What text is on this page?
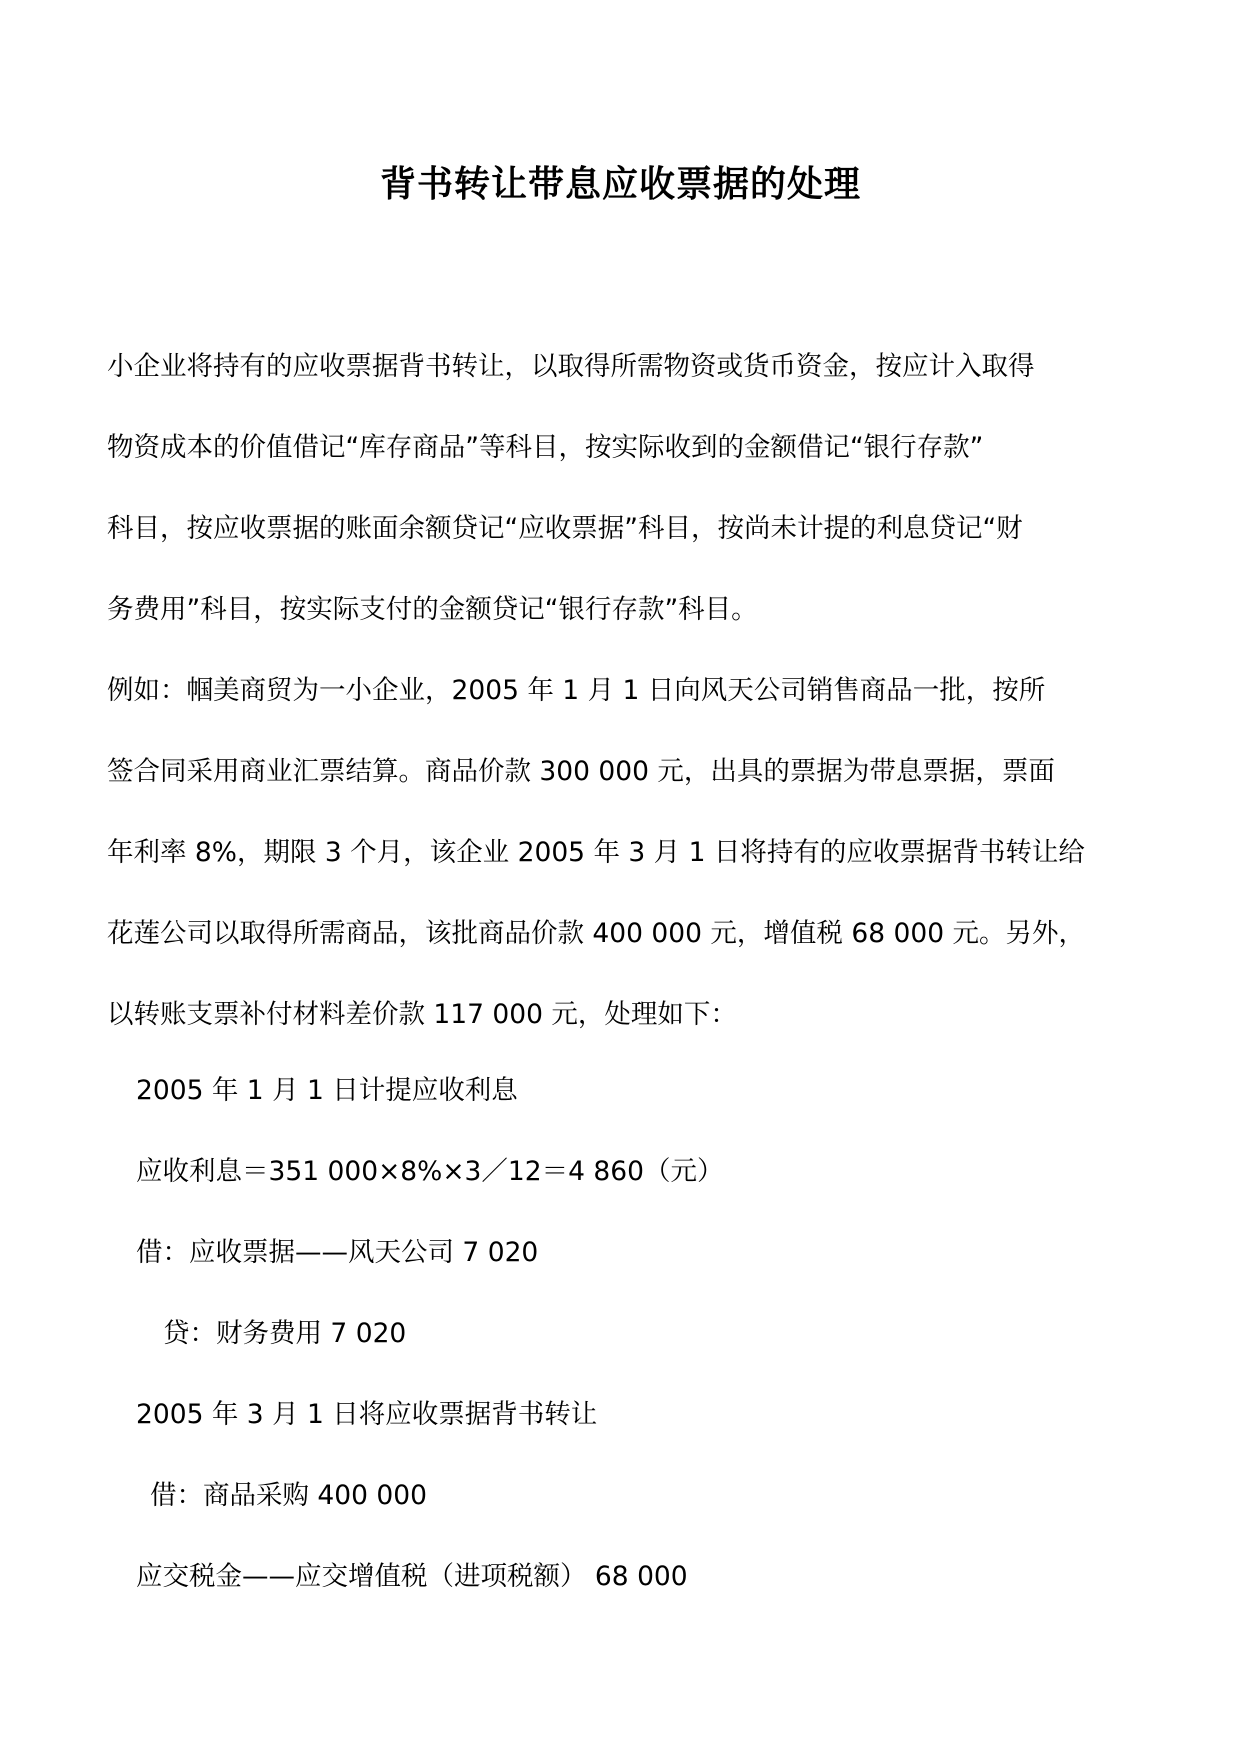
背书转让带息应收票据的处理
小企业将持有的应收票据背书转让，以取得所需物资或货币资金，按应计入取得
物资成本的价值借记“库存商品”等科目，按实际收到的金额借记“银行存款”
科目，按应收票据的账面余额贷记“应收票据”科目，按尚未计提的利息贷记“财
务费用”科目，按实际支付的金额贷记“银行存款”科目。
例如：帼美商贸为一小企业，2005 年 1 月 1 日向风天公司销售商品一批，按所
签合同采用商业汇票结算。商品价款 300 000 元，出具的票据为带息票据，票面
年利率 8%，期限 3 个月，该企业 2005 年 3 月 1 日将持有的应收票据背书转让给
花莲公司以取得所需商品，该批商品价款 400 000 元，增值税 68 000 元。另外，
以转账支票补付材料差价款 117 000 元，处理如下：
2005 年 1 月 1 日计提应收利息
应收利息＝351 000×8%×3／12＝4 860（元）
借：应收票据——风天公司 7 020
贷：财务费用 7 020
2005 年 3 月 1 日将应收票据背书转让
借：商品采购 400 000
应交税金——应交增值税（进项税额） 68 000
